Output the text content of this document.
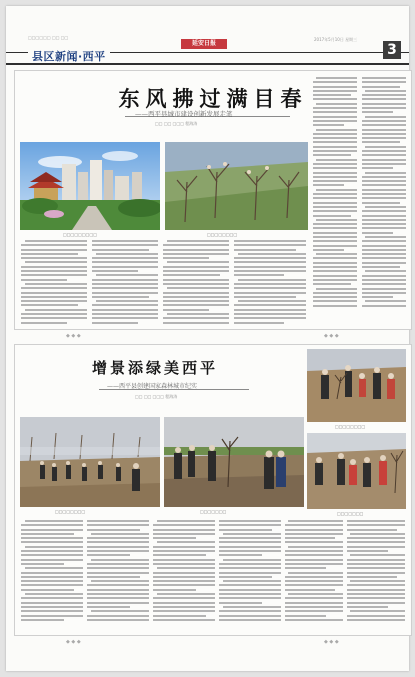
□□□□□□ □□ □□
延安日报
2017年5月10日 星期三
县区新闻·西平	3
东风拂过满目春
——西平县城市建设创新发展走笔
□□ □□ □□□ 程海涛
□□□□□□□□□	□□□□□□□□
◆ ◆ ◆	◆ ◆ ◆
增景添绿美西平
——西平县创建国家森林城市纪实
□□ □□ □□□ 程海涛
□□□□□□□□
□□□□□□□□	□□□□□□□	□□□□□□□
◆ ◆ ◆	◆ ◆ ◆
